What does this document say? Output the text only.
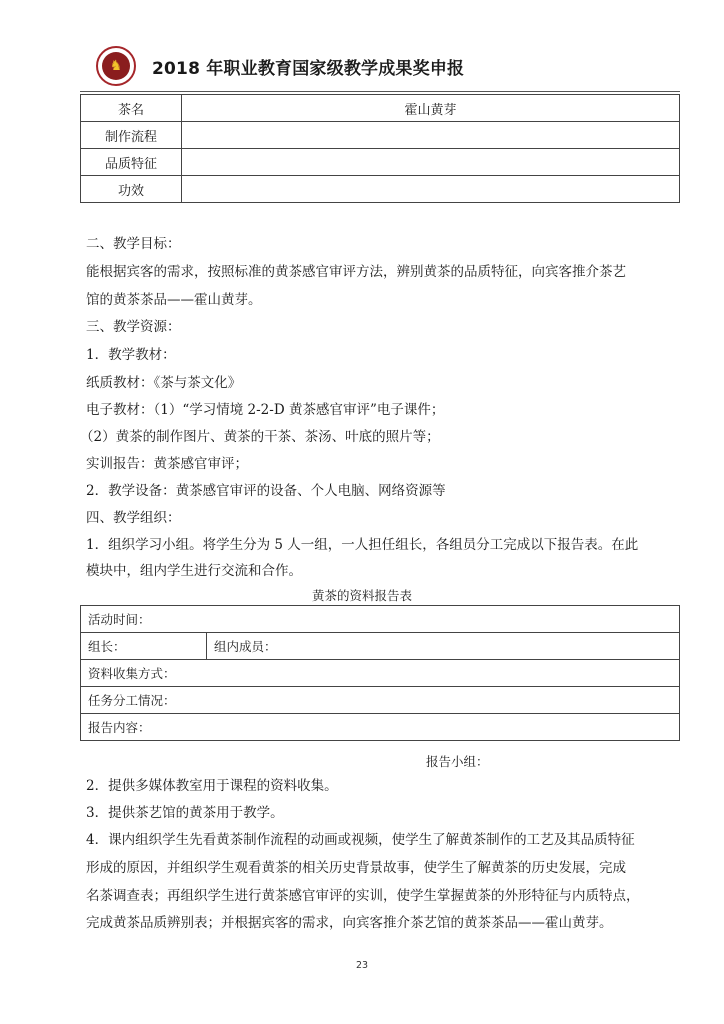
♞	2018 年职业教育国家级教学成果奖申报
茶名	霍山黄芽
制作流程	
品质特征	
功效	
二、教学目标：
能根据宾客的需求，按照标准的黄茶感官审评方法，辨别黄茶的品质特征，向宾客推介茶艺
馆的黄茶茶品——霍山黄芽。
三、教学资源：
1．教学教材：
纸质教材：《茶与茶文化》
电子教材：（1）“学习情境 2-2-D 黄茶感官审评”电子课件；
（2）黄茶的制作图片、黄茶的干茶、茶汤、叶底的照片等；
实训报告：黄茶感官审评；
2．教学设备：黄茶感官审评的设备、个人电脑、网络资源等
四、教学组织：
1．组织学习小组。将学生分为 5 人一组，一人担任组长，各组员分工完成以下报告表。在此
模块中，组内学生进行交流和合作。
黄茶的资料报告表
活动时间：
组长：	组内成员：
资料收集方式：
任务分工情况：
报告内容：
报告小组：
2．提供多媒体教室用于课程的资料收集。
3．提供茶艺馆的黄茶用于教学。
4．课内组织学生先看黄茶制作流程的动画或视频，使学生了解黄茶制作的工艺及其品质特征
形成的原因，并组织学生观看黄茶的相关历史背景故事，使学生了解黄茶的历史发展，完成
名茶调查表；再组织学生进行黄茶感官审评的实训，使学生掌握黄茶的外形特征与内质特点，
完成黄茶品质辨别表；并根据宾客的需求，向宾客推介茶艺馆的黄茶茶品——霍山黄芽。
23
